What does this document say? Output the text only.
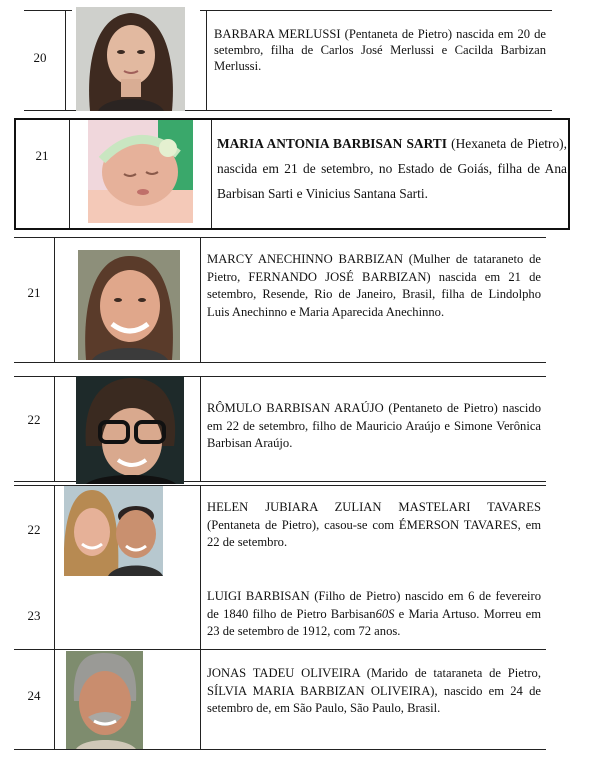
20
BARBARA MERLUSSI (Pentaneta de Pietro) nascida em 20 de setembro, filha de Carlos José Merlussi e Cacilda Barbizan Merlussi.
21
MARIA ANTONIA BARBISAN SARTI (Hexaneta de Pietro), nascida em 21 de setembro, no Estado de Goiás, filha de Ana Barbisan Sarti e Vinicius Santana Sarti.
21
MARCY ANECHINNO BARBIZAN (Mulher de tataraneto de Pietro, FERNANDO JOSÉ BARBIZAN) nascida em 21 de setembro, Resende, Rio de Janeiro, Brasil, filha de Lindolpho Luis Anechinno e Maria Aparecida Anechinno.
22
RÔMULO BARBISAN ARAÚJO (Pentaneto de Pietro) nascido em 22 de setembro, filho de Mauricio Araújo e Simone Verônica Barbisan Araújo.
22
HELEN JUBIARA ZULIAN MASTELARI TAVARES (Pentaneta de Pietro), casou-se com ÉMERSON TAVARES, em 22 de setembro.
23
LUIGI BARBISAN (Filho de Pietro) nascido em 6 de fevereiro de 1840 filho de Pietro Barbisan60S e Maria Artuso. Morreu em 23 de setembro de 1912, com 72 anos.
24
JONAS TADEU OLIVEIRA (Marido de tataraneta de Pietro, SÍLVIA MARIA BARBIZAN OLIVEIRA), nascido em 24 de setembro de, em São Paulo, São Paulo, Brasil.
